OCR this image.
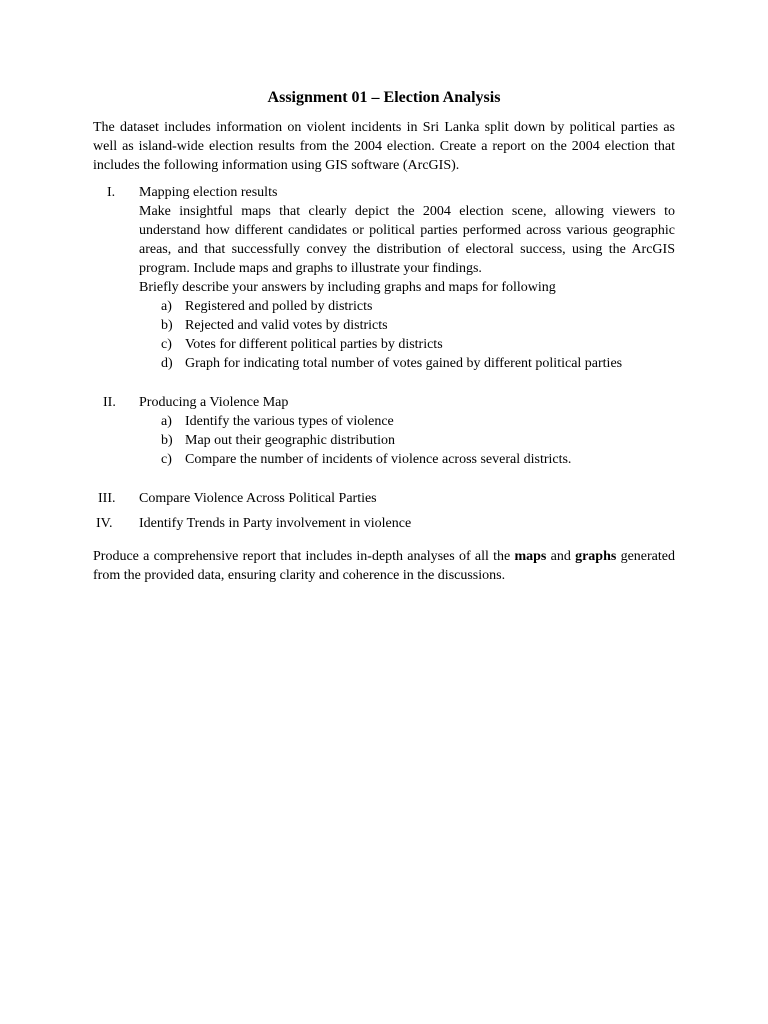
Assignment 01 – Election Analysis

The dataset includes information on violent incidents in Sri Lanka split down by political parties as well as island-wide election results from the 2004 election. Create a report on the 2004 election that includes the following information using GIS software (ArcGIS).

I.	Mapping election results
Make insightful maps that clearly depict the 2004 election scene, allowing viewers to understand how different candidates or political parties performed across various geographic areas, and that successfully convey the distribution of electoral success, using the ArcGIS program. Include maps and graphs to illustrate your findings.
Briefly describe your answers by including graphs and maps for following
a) Registered and polled by districts
b) Rejected and valid votes by districts
c) Votes for different political parties by districts
d) Graph for indicating total number of votes gained by different political parties
II.	Producing a Violence Map
a) Identify the various types of violence
b) Map out their geographic distribution
c) Compare the number of incidents of violence across several districts.
III.	Compare Violence Across Political Parties
IV.	Identify Trends in Party involvement in violence

Produce a comprehensive report that includes in-depth analyses of all the maps and graphs generated from the provided data, ensuring clarity and coherence in the discussions.
